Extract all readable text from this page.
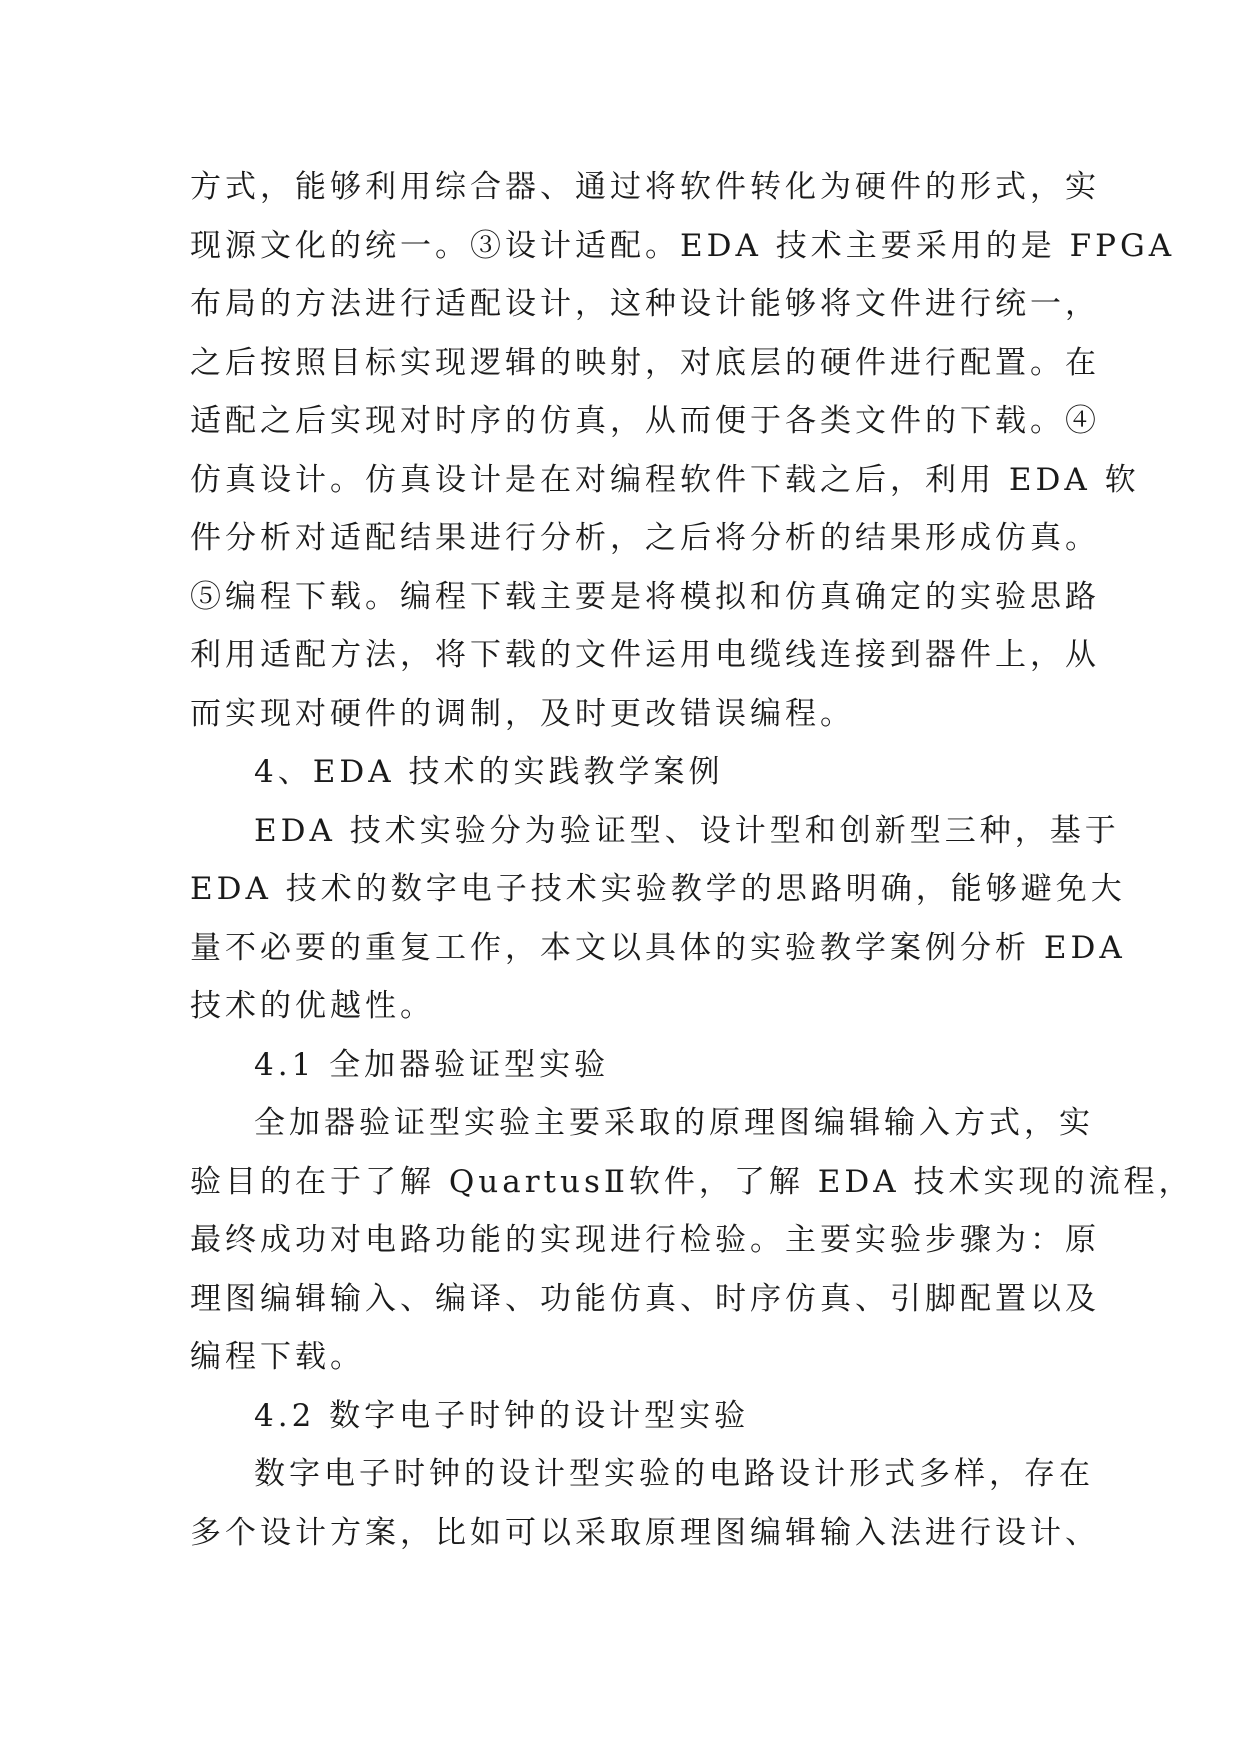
方式，能够利用综合器、通过将软件转化为硬件的形式，实
现源文化的统一。③设计适配。EDA 技术主要采用的是 FPGA
布局的方法进行适配设计，这种设计能够将文件进行统一，
之后按照目标实现逻辑的映射，对底层的硬件进行配置。在
适配之后实现对时序的仿真，从而便于各类文件的下载。④
仿真设计。仿真设计是在对编程软件下载之后，利用 EDA 软
件分析对适配结果进行分析，之后将分析的结果形成仿真。
⑤编程下载。编程下载主要是将模拟和仿真确定的实验思路
利用适配方法，将下载的文件运用电缆线连接到器件上，从
而实现对硬件的调制，及时更改错误编程。
4、EDA 技术的实践教学案例
EDA 技术实验分为验证型、设计型和创新型三种，基于
EDA 技术的数字电子技术实验教学的思路明确，能够避免大
量不必要的重复工作，本文以具体的实验教学案例分析 EDA
技术的优越性。
4.1 全加器验证型实验
全加器验证型实验主要采取的原理图编辑输入方式，实
验目的在于了解 QuartusⅡ软件，了解 EDA 技术实现的流程，
最终成功对电路功能的实现进行检验。主要实验步骤为：原
理图编辑输入、编译、功能仿真、时序仿真、引脚配置以及
编程下载。
4.2 数字电子时钟的设计型实验
数字电子时钟的设计型实验的电路设计形式多样，存在
多个设计方案，比如可以采取原理图编辑输入法进行设计、
